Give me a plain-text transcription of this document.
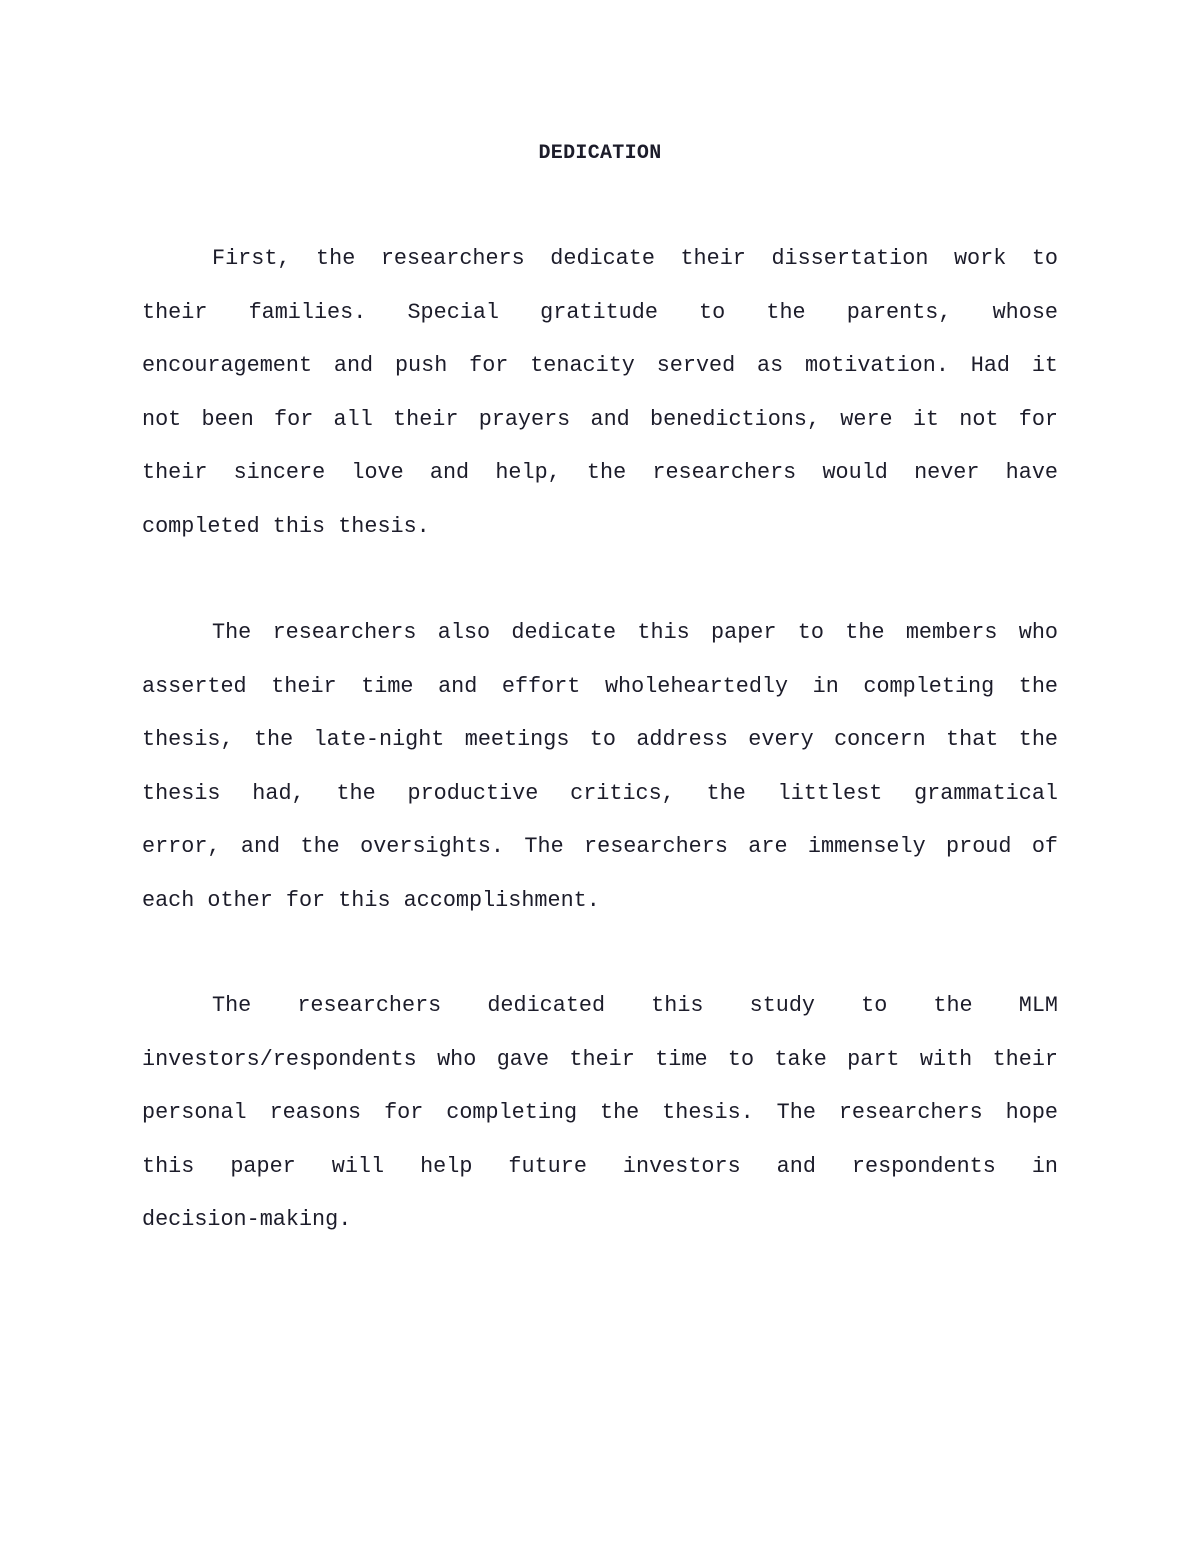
DEDICATION
First, the researchers dedicate their dissertation work to
their families. Special gratitude to the parents, whose
encouragement and push for tenacity served as motivation. Had it
not been for all their prayers and benedictions, were it not for
their sincere love and help, the researchers would never have
completed this thesis.
The researchers also dedicate this paper to the members who
asserted their time and effort wholeheartedly in completing the
thesis, the late-night meetings to address every concern that the
thesis had, the productive critics, the littlest grammatical
error, and the oversights. The researchers are immensely proud of
each other for this accomplishment.
The researchers dedicated this study to the MLM
investors/respondents who gave their time to take part with their
personal reasons for completing the thesis. The researchers hope
this paper will help future investors and respondents in
decision-making.
